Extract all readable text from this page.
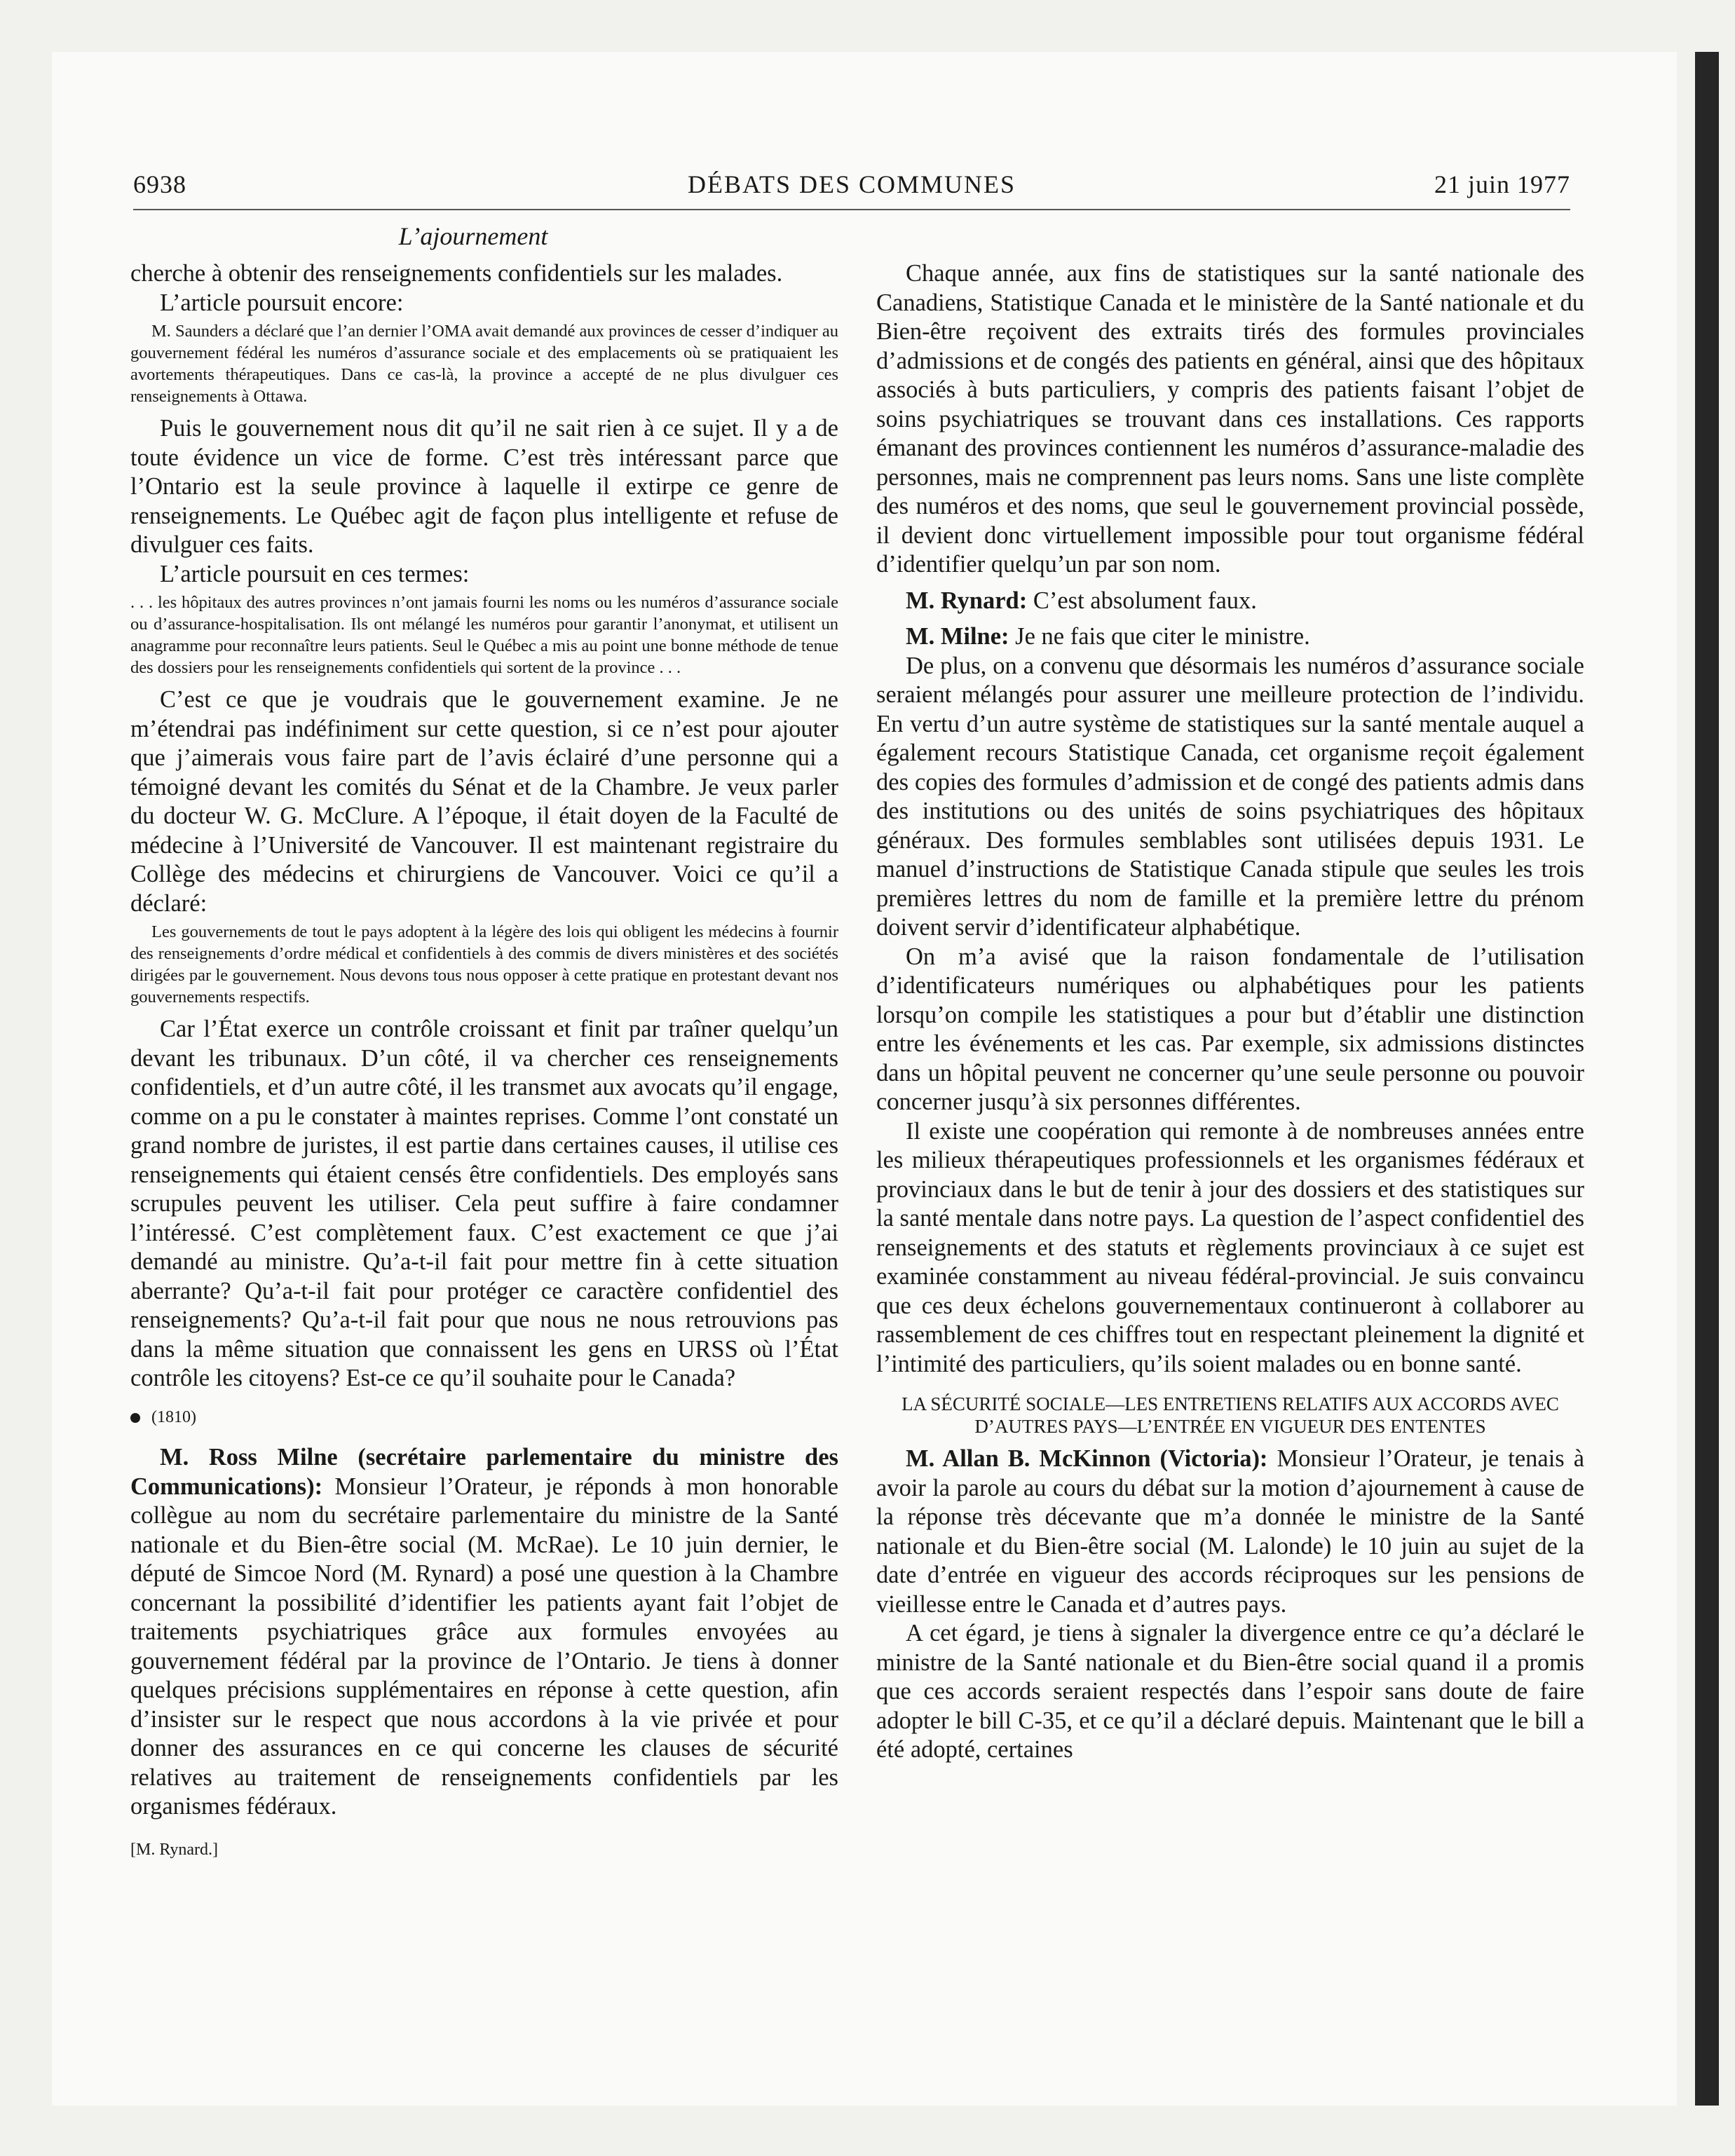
6938	DÉBATS DES COMMUNES	21 juin 1977
L’ajournement

cherche à obtenir des renseignements confidentiels sur les malades.

L’article poursuit encore:

M. Saunders a déclaré que l’an dernier l’OMA avait demandé aux provinces de cesser d’indiquer au gouvernement fédéral les numéros d’assurance sociale et des emplacements où se pratiquaient les avortements thérapeutiques. Dans ce cas-là, la province a accepté de ne plus divulguer ces renseignements à Ottawa.

Puis le gouvernement nous dit qu’il ne sait rien à ce sujet. Il y a de toute évidence un vice de forme. C’est très intéressant parce que l’Ontario est la seule province à laquelle il extirpe ce genre de renseignements. Le Québec agit de façon plus intelligente et refuse de divulguer ces faits.

L’article poursuit en ces termes:

. . . les hôpitaux des autres provinces n’ont jamais fourni les noms ou les numéros d’assurance sociale ou d’assurance-hospitalisation. Ils ont mélangé les numéros pour garantir l’anonymat, et utilisent un anagramme pour reconnaître leurs patients. Seul le Québec a mis au point une bonne méthode de tenue des dossiers pour les renseignements confidentiels qui sortent de la province . . .

C’est ce que je voudrais que le gouvernement examine. Je ne m’étendrai pas indéfiniment sur cette question, si ce n’est pour ajouter que j’aimerais vous faire part de l’avis éclairé d’une personne qui a témoigné devant les comités du Sénat et de la Chambre. Je veux parler du docteur W. G. McClure. A l’époque, il était doyen de la Faculté de médecine à l’Université de Vancouver. Il est maintenant registraire du Collège des médecins et chirurgiens de Vancouver. Voici ce qu’il a déclaré:

Les gouvernements de tout le pays adoptent à la légère des lois qui obligent les médecins à fournir des renseignements d’ordre médical et confidentiels à des commis de divers ministères et des sociétés dirigées par le gouvernement. Nous devons tous nous opposer à cette pratique en protestant devant nos gouvernements respectifs.

Car l’État exerce un contrôle croissant et finit par traîner quelqu’un devant les tribunaux. D’un côté, il va chercher ces renseignements confidentiels, et d’un autre côté, il les transmet aux avocats qu’il engage, comme on a pu le constater à maintes reprises. Comme l’ont constaté un grand nombre de juristes, il est partie dans certaines causes, il utilise ces renseignements qui étaient censés être confidentiels. Des employés sans scrupules peuvent les utiliser. Cela peut suffire à faire condamner l’intéressé. C’est complètement faux. C’est exactement ce que j’ai demandé au ministre. Qu’a-t-il fait pour mettre fin à cette situation aberrante? Qu’a-t-il fait pour protéger ce caractère confidentiel des renseignements? Qu’a-t-il fait pour que nous ne nous retrouvions pas dans la même situation que connaissent les gens en URSS où l’État contrôle les citoyens? Est-ce ce qu’il souhaite pour le Canada?

(1810)

M. Ross Milne (secrétaire parlementaire du ministre des Communications): Monsieur l’Orateur, je réponds à mon honorable collègue au nom du secrétaire parlementaire du ministre de la Santé nationale et du Bien-être social (M. McRae). Le 10 juin dernier, le député de Simcoe Nord (M. Rynard) a posé une question à la Chambre concernant la possibilité d’identifier les patients ayant fait l’objet de traitements psychiatriques grâce aux formules envoyées au gouvernement fédéral par la province de l’Ontario. Je tiens à donner quelques précisions supplémentaires en réponse à cette question, afin d’insister sur le respect que nous accordons à la vie privée et pour donner des assurances en ce qui concerne les clauses de sécurité relatives au traitement de renseignements confidentiels par les organismes fédéraux.

[M. Rynard.]

Chaque année, aux fins de statistiques sur la santé nationale des Canadiens, Statistique Canada et le ministère de la Santé nationale et du Bien-être reçoivent des extraits tirés des formules provinciales d’admissions et de congés des patients en général, ainsi que des hôpitaux associés à buts particuliers, y compris des patients faisant l’objet de soins psychiatriques se trouvant dans ces installations. Ces rapports émanant des provinces contiennent les numéros d’assurance-maladie des personnes, mais ne comprennent pas leurs noms. Sans une liste complète des numéros et des noms, que seul le gouvernement provincial possède, il devient donc virtuellement impossible pour tout organisme fédéral d’identifier quelqu’un par son nom.

M. Rynard: C’est absolument faux.

M. Milne: Je ne fais que citer le ministre.

De plus, on a convenu que désormais les numéros d’assurance sociale seraient mélangés pour assurer une meilleure protection de l’individu. En vertu d’un autre système de statistiques sur la santé mentale auquel a également recours Statistique Canada, cet organisme reçoit également des copies des formules d’admission et de congé des patients admis dans des institutions ou des unités de soins psychiatriques des hôpitaux généraux. Des formules semblables sont utilisées depuis 1931. Le manuel d’instructions de Statistique Canada stipule que seules les trois premières lettres du nom de famille et la première lettre du prénom doivent servir d’identificateur alphabétique.

On m’a avisé que la raison fondamentale de l’utilisation d’identificateurs numériques ou alphabétiques pour les patients lorsqu’on compile les statistiques a pour but d’établir une distinction entre les événements et les cas. Par exemple, six admissions distinctes dans un hôpital peuvent ne concerner qu’une seule personne ou pouvoir concerner jusqu’à six personnes différentes.

Il existe une coopération qui remonte à de nombreuses années entre les milieux thérapeutiques professionnels et les organismes fédéraux et provinciaux dans le but de tenir à jour des dossiers et des statistiques sur la santé mentale dans notre pays. La question de l’aspect confidentiel des renseignements et des statuts et règlements provinciaux à ce sujet est examinée constamment au niveau fédéral-provincial. Je suis convaincu que ces deux échelons gouvernementaux continueront à collaborer au rassemblement de ces chiffres tout en respectant pleinement la dignité et l’intimité des particuliers, qu’ils soient malades ou en bonne santé.

LA SÉCURITÉ SOCIALE—LES ENTRETIENS RELATIFS AUX ACCORDS AVEC D’AUTRES PAYS—L’ENTRÉE EN VIGUEUR DES ENTENTES

M. Allan B. McKinnon (Victoria): Monsieur l’Orateur, je tenais à avoir la parole au cours du débat sur la motion d’ajournement à cause de la réponse très décevante que m’a donnée le ministre de la Santé nationale et du Bien-être social (M. Lalonde) le 10 juin au sujet de la date d’entrée en vigueur des accords réciproques sur les pensions de vieillesse entre le Canada et d’autres pays.

A cet égard, je tiens à signaler la divergence entre ce qu’a déclaré le ministre de la Santé nationale et du Bien-être social quand il a promis que ces accords seraient respectés dans l’espoir sans doute de faire adopter le bill C-35, et ce qu’il a déclaré depuis. Maintenant que le bill a été adopté, certaines
